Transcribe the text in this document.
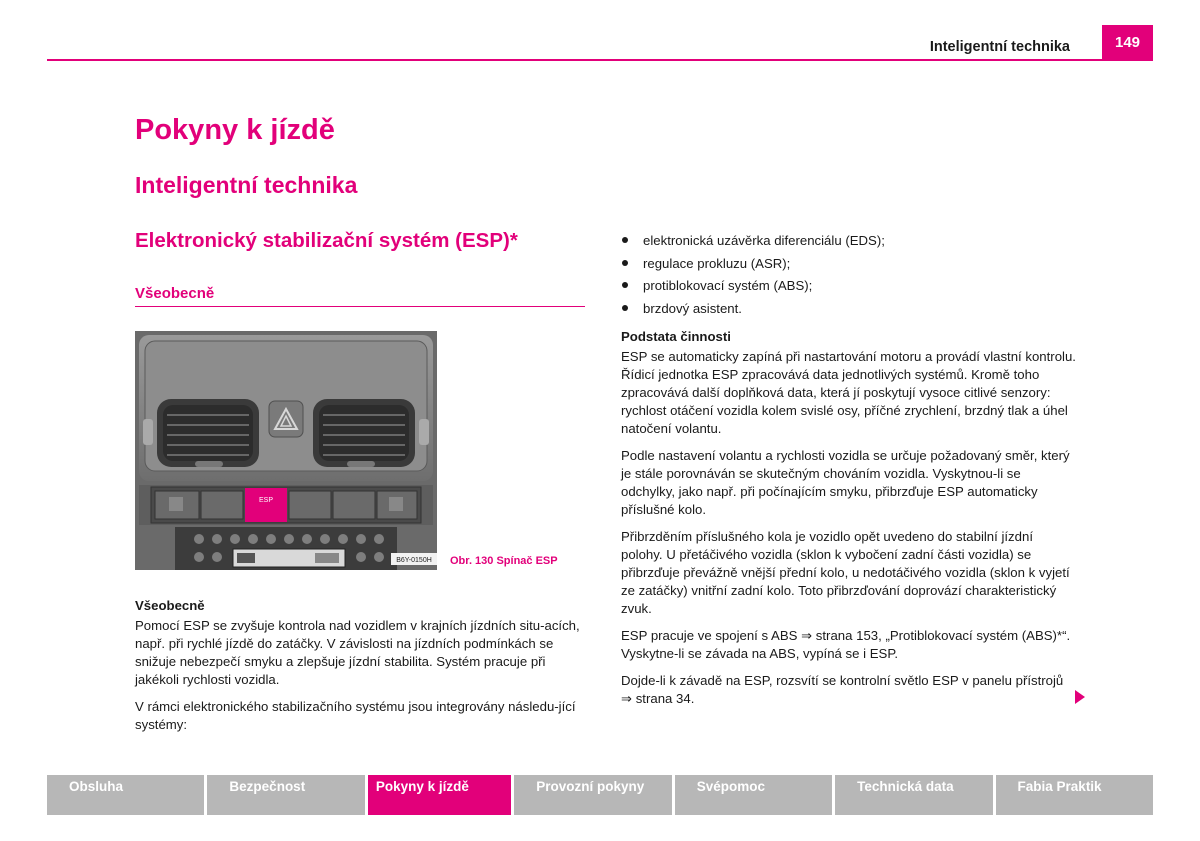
Inteligentní technika	149
Pokyny k jízdě
Inteligentní technika
Elektronický stabilizační systém (ESP)*
Všeobecně
ESP
B6Y-0150H Obr. 130 Spínač ESP
Všeobecně

Pomocí ESP se zvyšuje kontrola nad vozidlem v krajních jízdních situ-acích, např. při rychlé jízdě do zatáčky. V závislosti na jízdních podmínkách se snižuje nebezpečí smyku a zlepšuje jízdní stabilita. Systém pracuje při jakékoli rychlosti vozidla.

V rámci elektronického stabilizačního systému jsou integrovány následu-jící systémy:

elektronická uzávěrka diferenciálu (EDS);
regulace prokluzu (ASR);
protiblokovací systém (ABS);
brzdový asistent.
Podstata činnosti

ESP se automaticky zapíná při nastartování motoru a provádí vlastní kontrolu. Řídicí jednotka ESP zpracovává data jednotlivých systémů. Kromě toho zpracovává další doplňková data, která jí poskytují vysoce citlivé senzory: rychlost otáčení vozidla kolem svislé osy, příčné zrychlení, brzdný tlak a úhel natočení volantu.

Podle nastavení volantu a rychlosti vozidla se určuje požadovaný směr, který je stále porovnáván se skutečným chováním vozidla. Vyskytnou-li se odchylky, jako např. při počínajícím smyku, přibrzďuje ESP automaticky příslušné kolo.

Přibrzděním příslušného kola je vozidlo opět uvedeno do stabilní jízdní polohy. U přetáčivého vozidla (sklon k vybočení zadní části vozidla) se přibrzďuje převážně vnější přední kolo, u nedotáčivého vozidla (sklon k vyjetí ze zatáčky) vnitřní zadní kolo. Toto přibrzďování doprovází charakteristický zvuk.

ESP pracuje ve spojení s ABS ⇒ strana 153, „Protiblokovací systém (ABS)*“. Vyskytne-li se závada na ABS, vypíná se i ESP.

Dojde-li k závadě na ESP, rozsvítí se kontrolní světlo ESP v panelu přístrojů ⇒ strana 34.

Obsluha	Bezpečnost	Pokyny k jízdě	Provozní pokyny	Svépomoc	Technická data	Fabia Praktik
